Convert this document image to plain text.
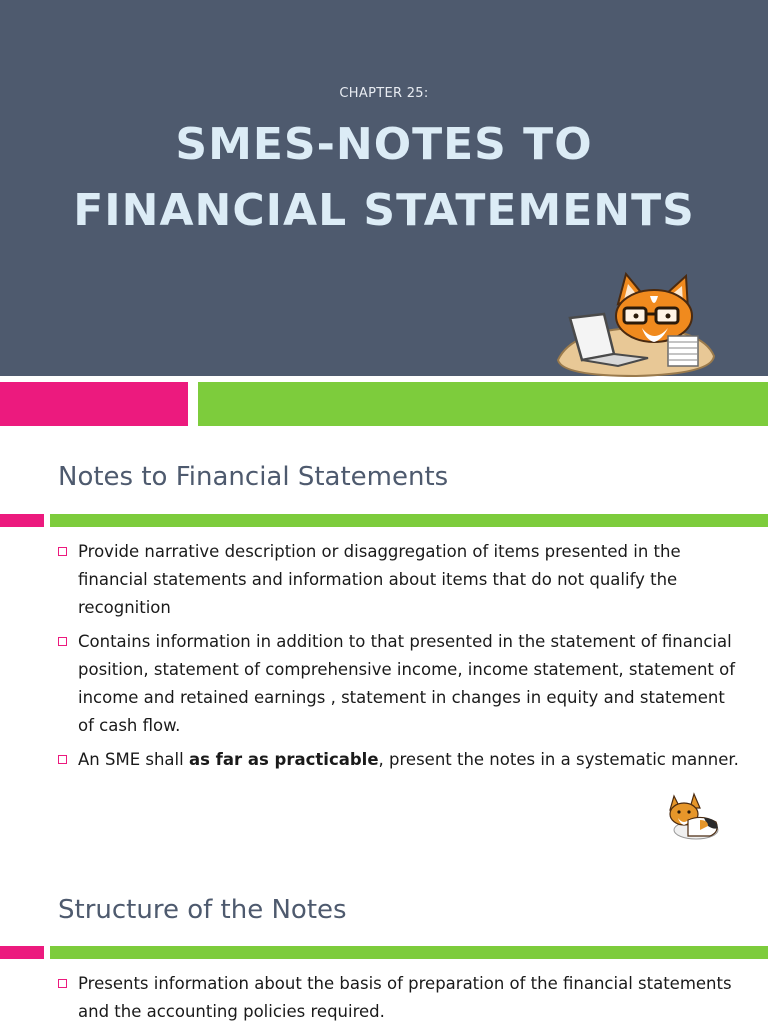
CHAPTER 25:
SMES-NOTES TO
FINANCIAL STATEMENTS
Notes to Financial Statements
Provide narrative description or disaggregation of items presented in the financial statements and information about items that do not qualify the recognition
Contains information in addition to that presented in the statement of financial position, statement of comprehensive income, income statement, statement of income and retained earnings , statement in changes in equity and statement of cash flow.
An SME shall as far as practicable, present the notes in a systematic manner.
Structure of the Notes
Presents information about the basis of preparation of the financial statements and the accounting policies required.
